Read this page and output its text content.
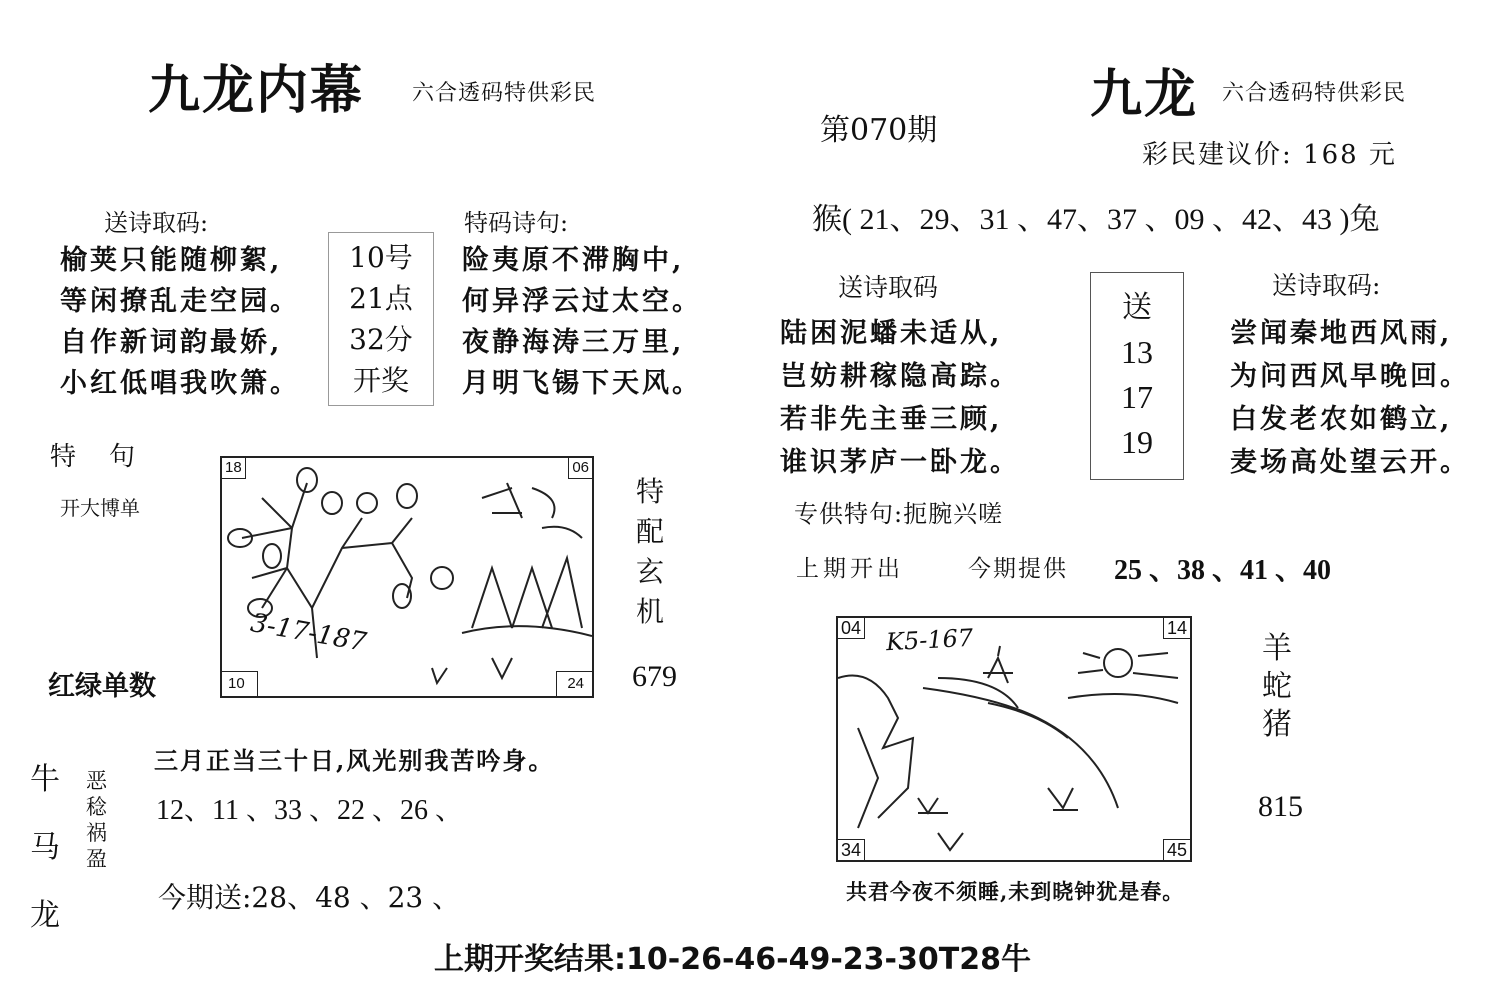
九龙内幕 六合透码特供彩民
送诗取码:
榆荚只能随柳絮,
等闲撩乱走空园。
自作新词韵最娇,
小红低唱我吹箫。
10号
21点
32分
开奖
特码诗句:
险夷原不滞胸中,
何异浮云过太空。
夜静海涛三万里,
月明飞锡下天风。
特    句
开大博单
3-17-187
18	06
10	24
特
配
玄
机
红绿单数	679
牛
马
龙
恶
稔
祸
盈
三月正当三十日,风光别我苦吟身。
12、11 、33 、22 、26 、
今期送:28、48 、23 、
第070期
九龙 六合透码特供彩民
彩民建议价: 168 元
猴( 21、29、31 、47、37 、09 、42、43 )兔
送诗取码
陆困泥蟠未适从,
岂妨耕稼隐高踪。
若非先主垂三顾,
谁识茅庐一卧龙。
送
13
17
19
送诗取码:
尝闻秦地西风雨,
为问西风早晚回。
白发老农如鹤立,
麦场高处望云开。
专供特句:扼腕兴嗟
上期开出	今期提供 25 、38 、41 、40
K5-167
04	14
34	45
羊
蛇
猪
815
共君今夜不须睡,未到晓钟犹是春。
上期开奖结果:10-26-46-49-23-30T28牛
